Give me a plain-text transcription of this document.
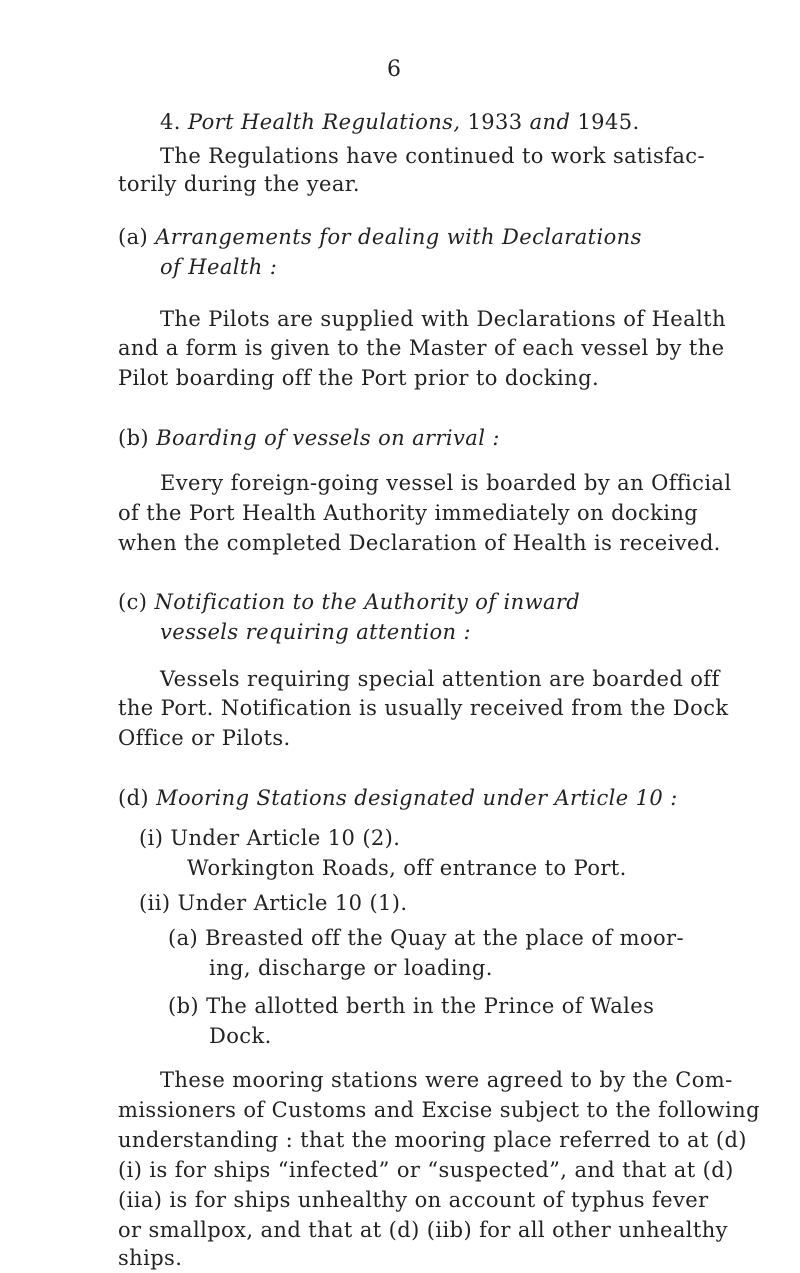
6
4. Port Health Regulations, 1933 and 1945.
The Regulations have continued to work satisfac-
torily during the year.
(a) Arrangements for dealing with Declarations
of Health :
The Pilots are supplied with Declarations of Health
and a form is given to the Master of each vessel by the
Pilot boarding off the Port prior to docking.
(b) Boarding of vessels on arrival :
Every foreign-going vessel is boarded by an Official
of the Port Health Authority immediately on docking
when the completed Declaration of Health is received.
(c) Notification to the Authority of inward
vessels requiring attention :
Vessels requiring special attention are boarded off
the Port. Notification is usually received from the Dock
Office or Pilots.
(d) Mooring Stations designated under Article 10 :
(i) Under Article 10 (2).
Workington Roads, off entrance to Port.
(ii) Under Article 10 (1).
(a) Breasted off the Quay at the place of moor-
ing, discharge or loading.
(b) The allotted berth in the Prince of Wales
Dock.
These mooring stations were agreed to by the Com-
missioners of Customs and Excise subject to the following
understanding : that the mooring place referred to at (d)
(i) is for ships “infected” or “suspected”, and that at (d)
(iia) is for ships unhealthy on account of typhus fever
or smallpox, and that at (d) (iib) for all other unhealthy
ships.
